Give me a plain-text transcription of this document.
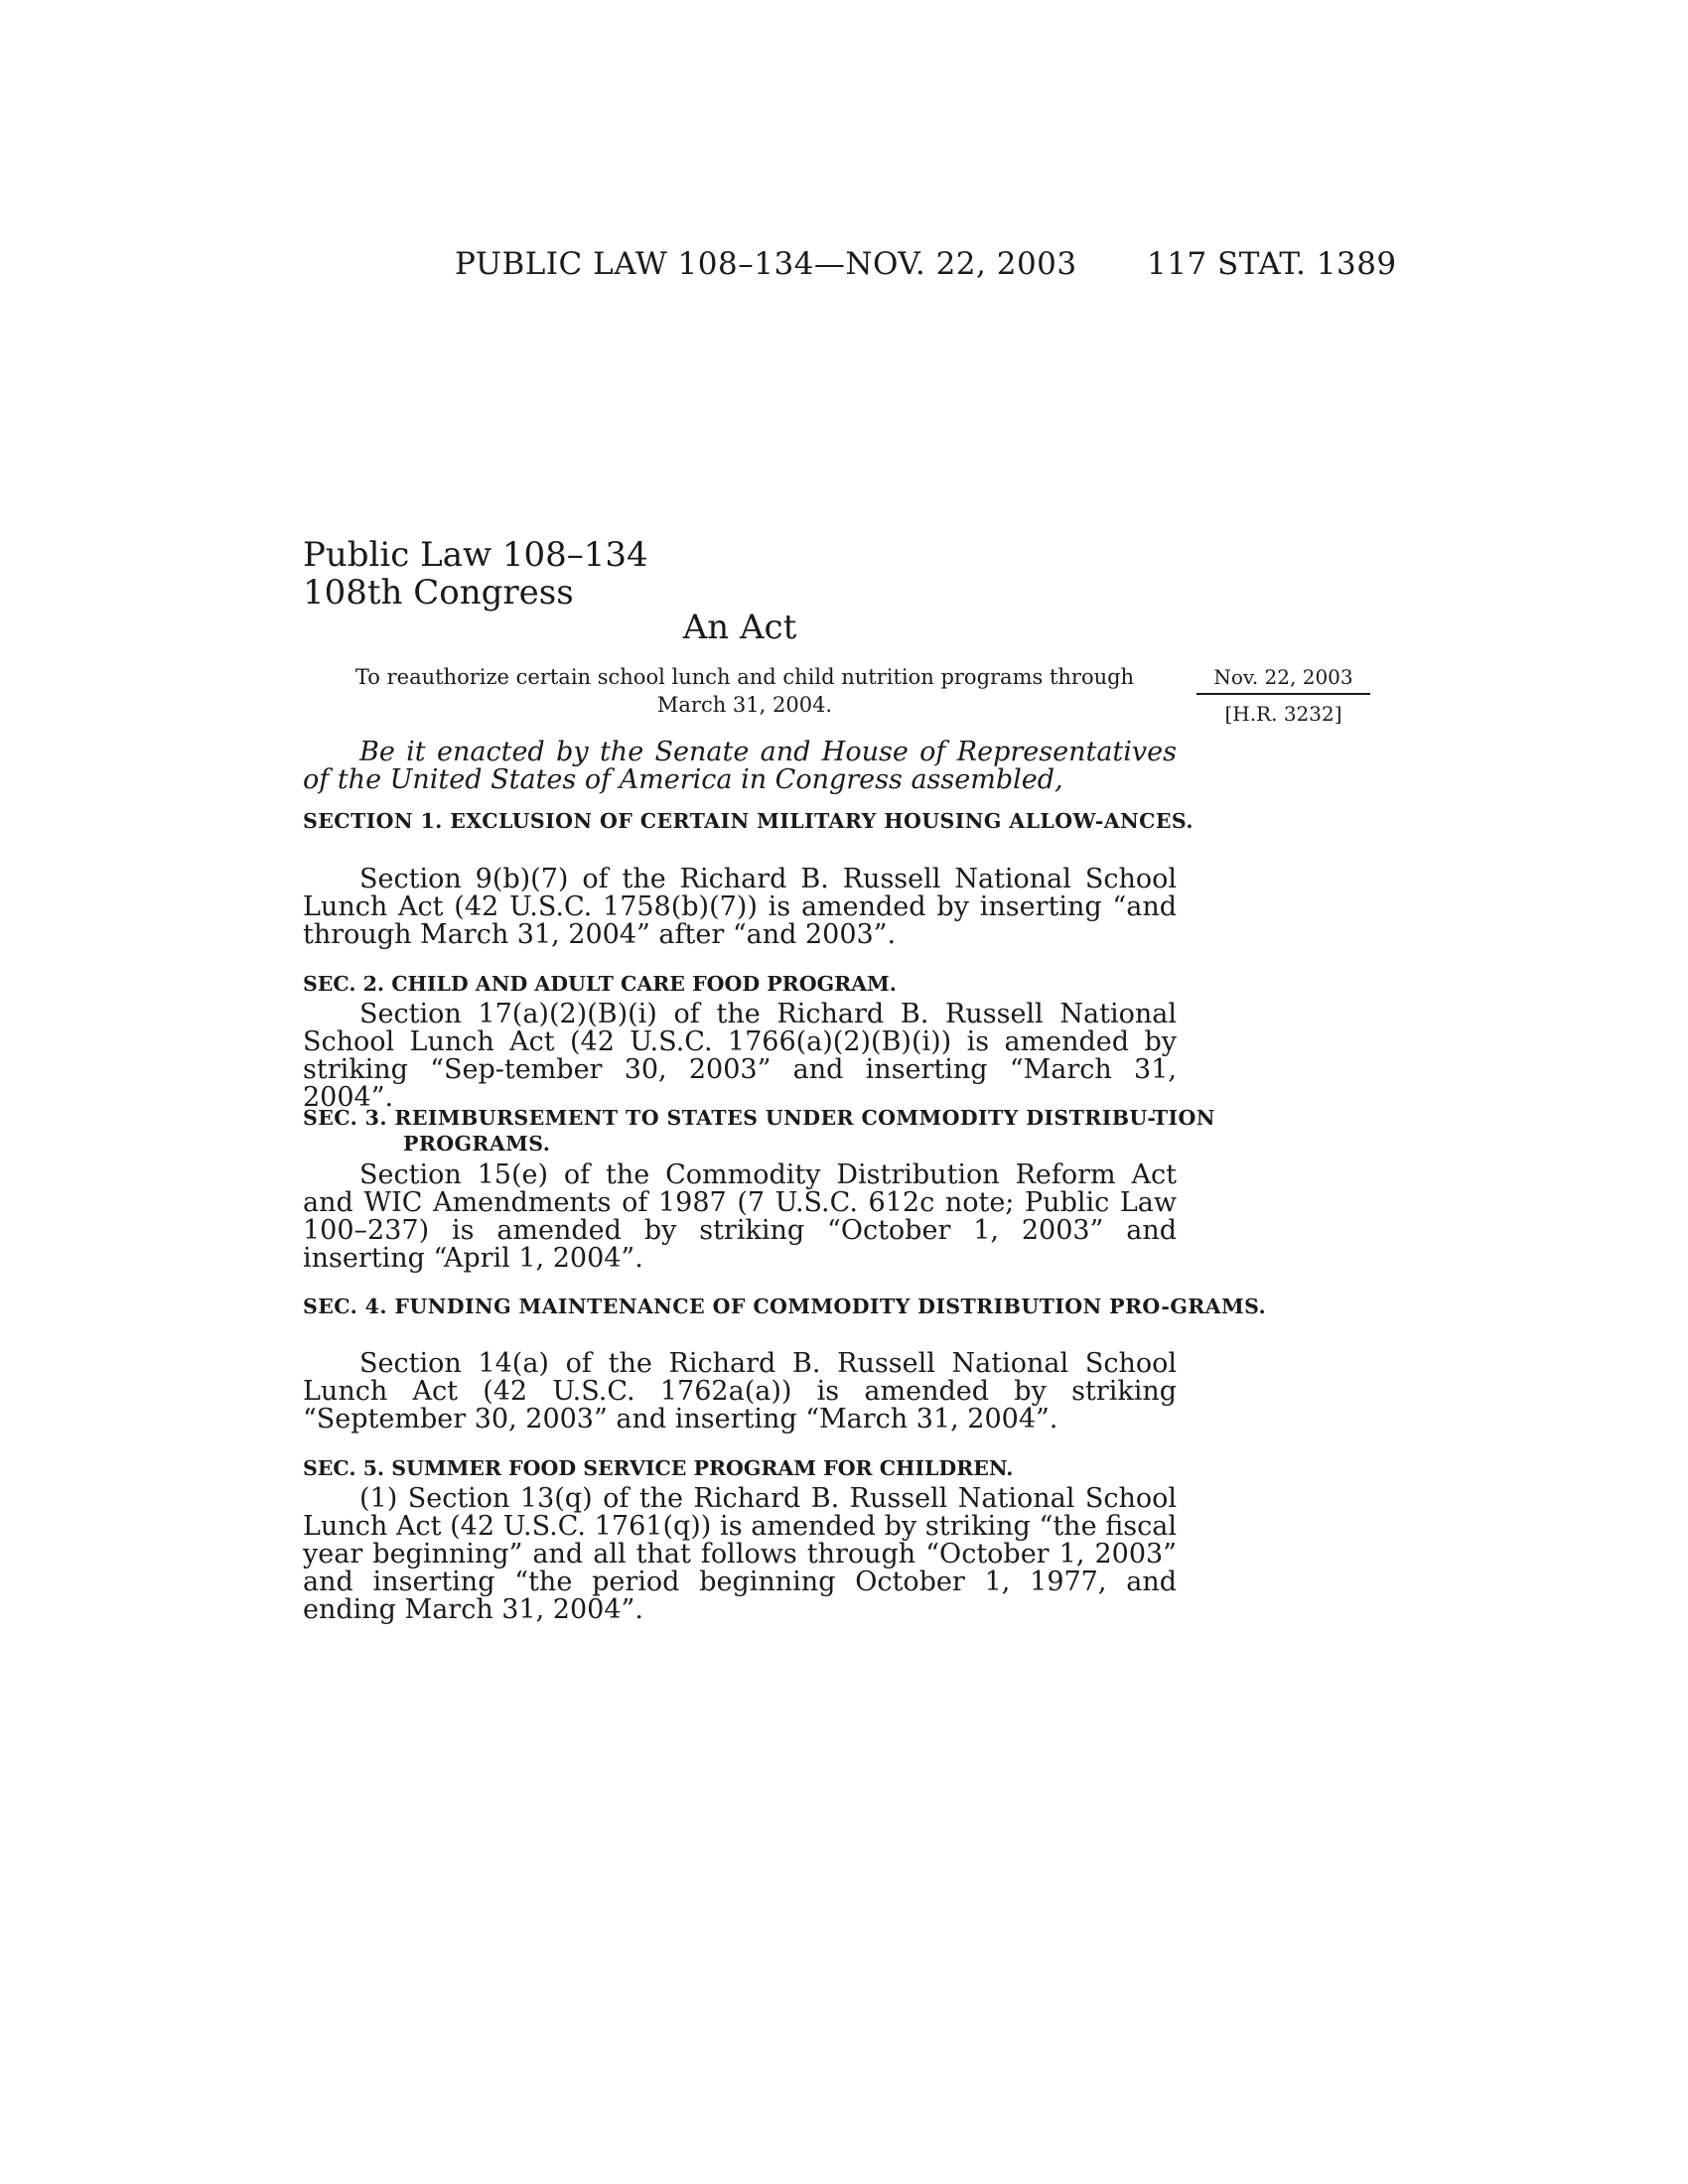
PUBLIC LAW 108–134—NOV. 22, 2003 117 STAT. 1389
Public Law 108–134
108th Congress
An Act
To reauthorize certain school lunch and child nutrition programs through March 31, 2004.
Nov. 22, 2003
[H.R. 3232]
Be it enacted by the Senate and House of Representatives of the United States of America in Congress assembled,
SECTION 1. EXCLUSION OF CERTAIN MILITARY HOUSING ALLOW-ANCES.
Section 9(b)(7) of the Richard B. Russell National School Lunch Act (42 U.S.C. 1758(b)(7)) is amended by inserting “and through March 31, 2004” after “and 2003”.
SEC. 2. CHILD AND ADULT CARE FOOD PROGRAM.
Section 17(a)(2)(B)(i) of the Richard B. Russell National School Lunch Act (42 U.S.C. 1766(a)(2)(B)(i)) is amended by striking “Sep-tember 30, 2003” and inserting “March 31, 2004”.
SEC. 3. REIMBURSEMENT TO STATES UNDER COMMODITY DISTRIBU-TION PROGRAMS.
Section 15(e) of the Commodity Distribution Reform Act and WIC Amendments of 1987 (7 U.S.C. 612c note; Public Law 100–237) is amended by striking “October 1, 2003” and inserting “April 1, 2004”.
SEC. 4. FUNDING MAINTENANCE OF COMMODITY DISTRIBUTION PRO-GRAMS.
Section 14(a) of the Richard B. Russell National School Lunch Act (42 U.S.C. 1762a(a)) is amended by striking “September 30, 2003” and inserting “March 31, 2004”.
SEC. 5. SUMMER FOOD SERVICE PROGRAM FOR CHILDREN.
(1) Section 13(q) of the Richard B. Russell National School Lunch Act (42 U.S.C. 1761(q)) is amended by striking “the fiscal year beginning” and all that follows through “October 1, 2003” and inserting “the period beginning October 1, 1977, and ending March 31, 2004”.
